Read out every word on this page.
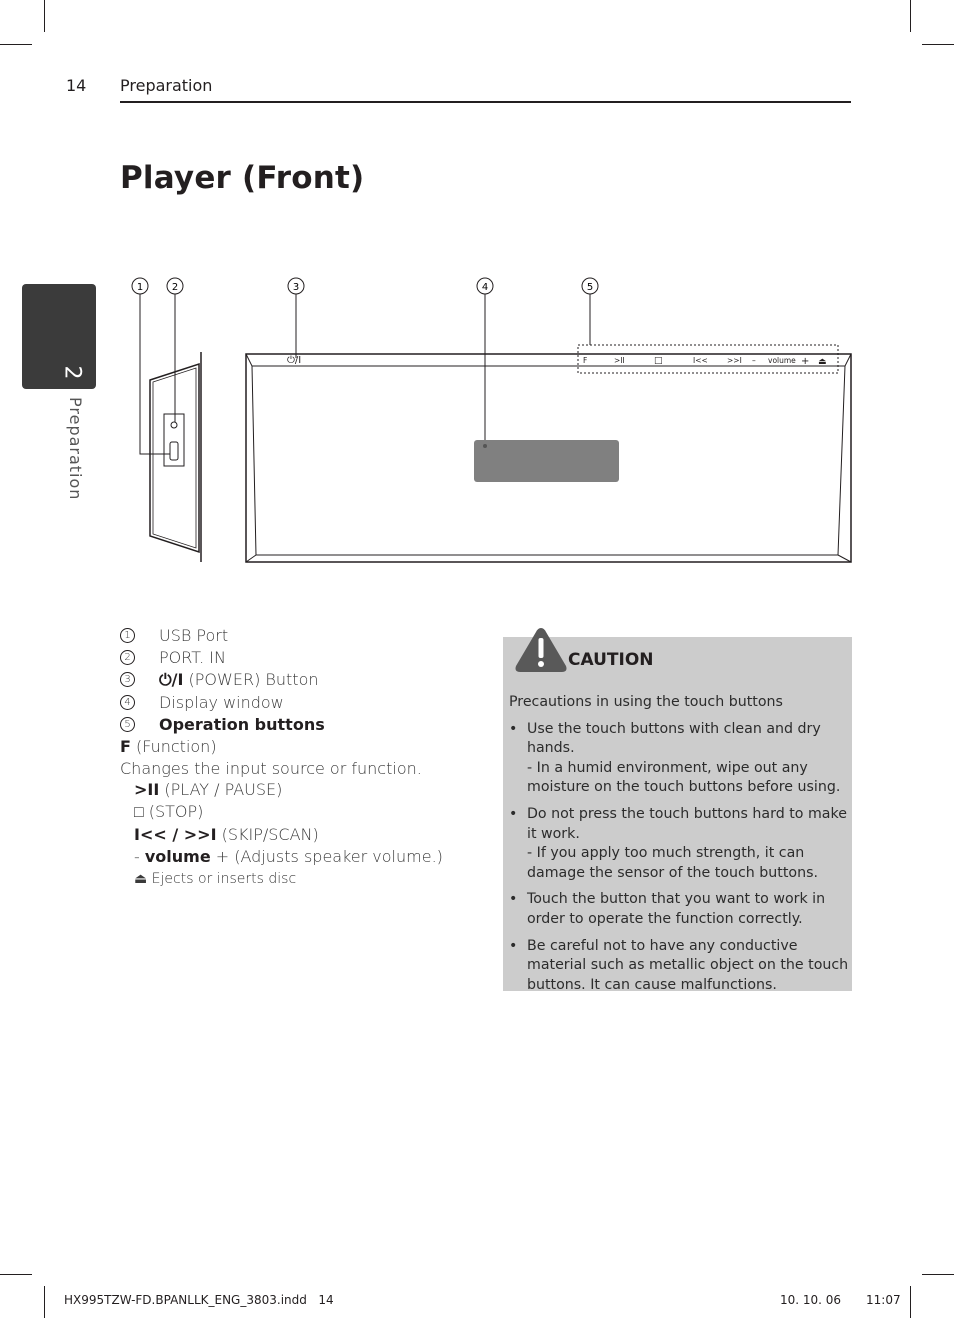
14 Preparation
Player (Front)
2
Preparation
1	2	3	4	5
⏻/I	F	>II	□	I<<	>>I – volume + ⏏
1 USB Port
2 PORT. IN
3 ⏻/I (POWER) Button
4 Display window
5 Operation buttons
F (Function)
Changes the input source or function.
>II (PLAY / PAUSE)
□ (STOP)
I<< / >>I (SKIP/SCAN)
- volume + (Adjusts speaker volume.)
⏏ Ejects or inserts disc
CAUTION
Precautions in using the touch buttons
• Use the touch buttons with clean and dry hands.
- In a humid environment, wipe out any moisture on the touch buttons before using.
• Do not press the touch buttons hard to make it work.
- If you apply too much strength, it can damage the sensor of the touch buttons.
• Touch the button that you want to work in order to operate the function correctly.
• Be careful not to have any conductive material such as metallic object on the touch buttons. It can cause malfunctions.
HX995TZW-FD.BPANLLK_ENG_3803.indd   14	10. 10. 06 11:07
